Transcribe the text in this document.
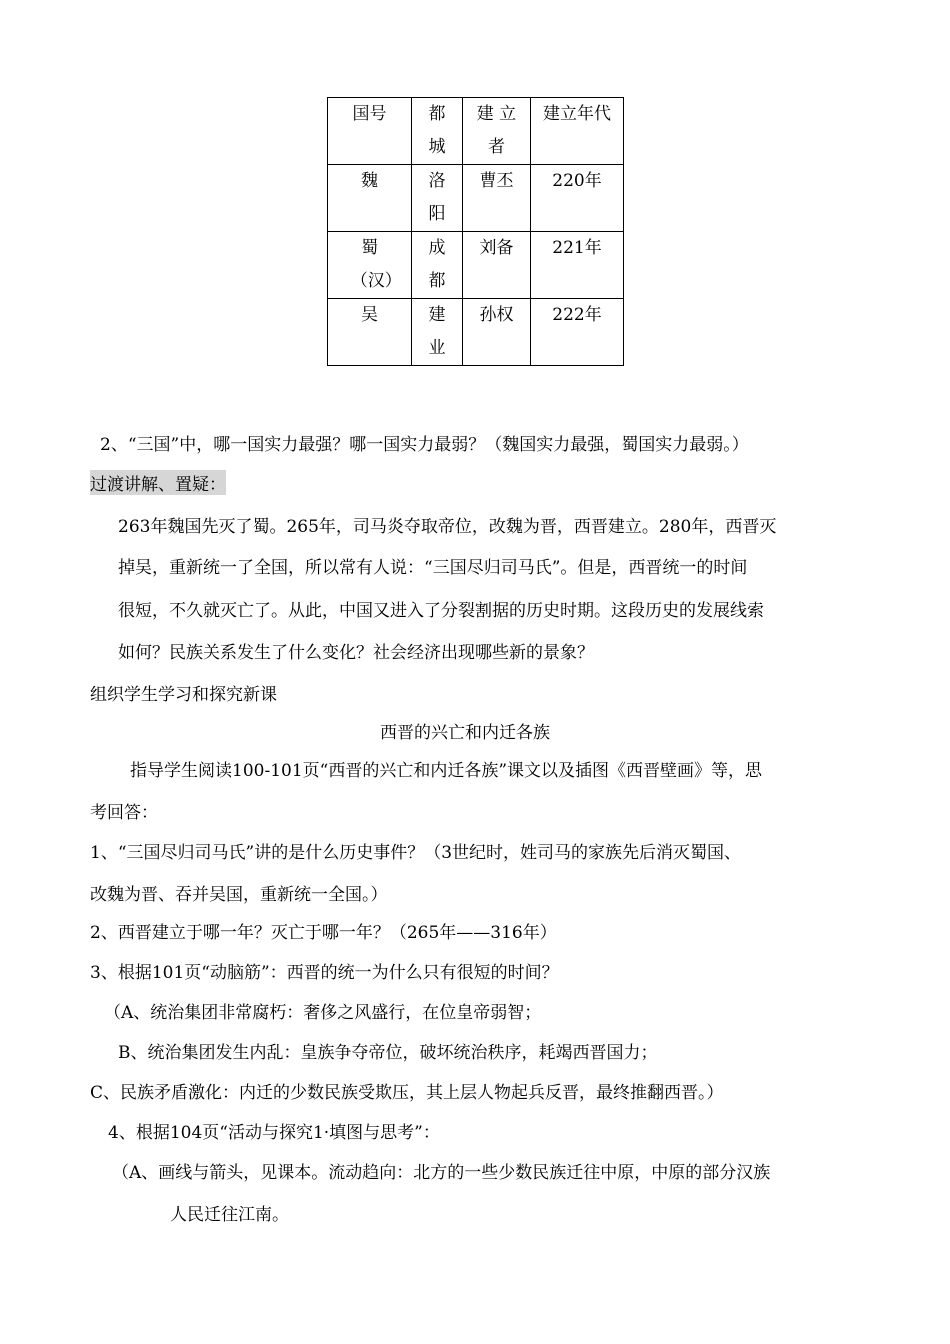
国号	都城	建 立 者	建立年代
魏	洛阳	曹丕	220年
蜀（汉）	成都	刘备	221年
吴	建业	孙权	222年
2、“三国”中，哪一国实力最强？哪一国实力最弱？（魏国实力最强，蜀国实力最弱。）
过渡讲解、置疑：
263年魏国先灭了蜀。265年，司马炎夺取帝位，改魏为晋，西晋建立。280年，西晋灭
掉吴，重新统一了全国，所以常有人说：“三国尽归司马氏”。但是，西晋统一的时间
很短，不久就灭亡了。从此，中国又进入了分裂割据的历史时期。这段历史的发展线索
如何？民族关系发生了什么变化？社会经济出现哪些新的景象？
组织学生学习和探究新课
西晋的兴亡和内迁各族
指导学生阅读100-101页“西晋的兴亡和内迁各族”课文以及插图《西晋壁画》等，思
考回答：
1、“三国尽归司马氏”讲的是什么历史事件？（3世纪时，姓司马的家族先后消灭蜀国、
改魏为晋、吞并吴国，重新统一全国。）
2、西晋建立于哪一年？灭亡于哪一年？（265年——316年）
3、根据101页“动脑筋”：西晋的统一为什么只有很短的时间？
（A、统治集团非常腐朽：奢侈之风盛行，在位皇帝弱智；
B、统治集团发生内乱：皇族争夺帝位，破坏统治秩序，耗竭西晋国力；
C、民族矛盾激化：内迁的少数民族受欺压，其上层人物起兵反晋，最终推翻西晋。）
4、根据104页“活动与探究1·填图与思考”：
（A、画线与箭头，见课本。流动趋向：北方的一些少数民族迁往中原，中原的部分汉族
人民迁往江南。
